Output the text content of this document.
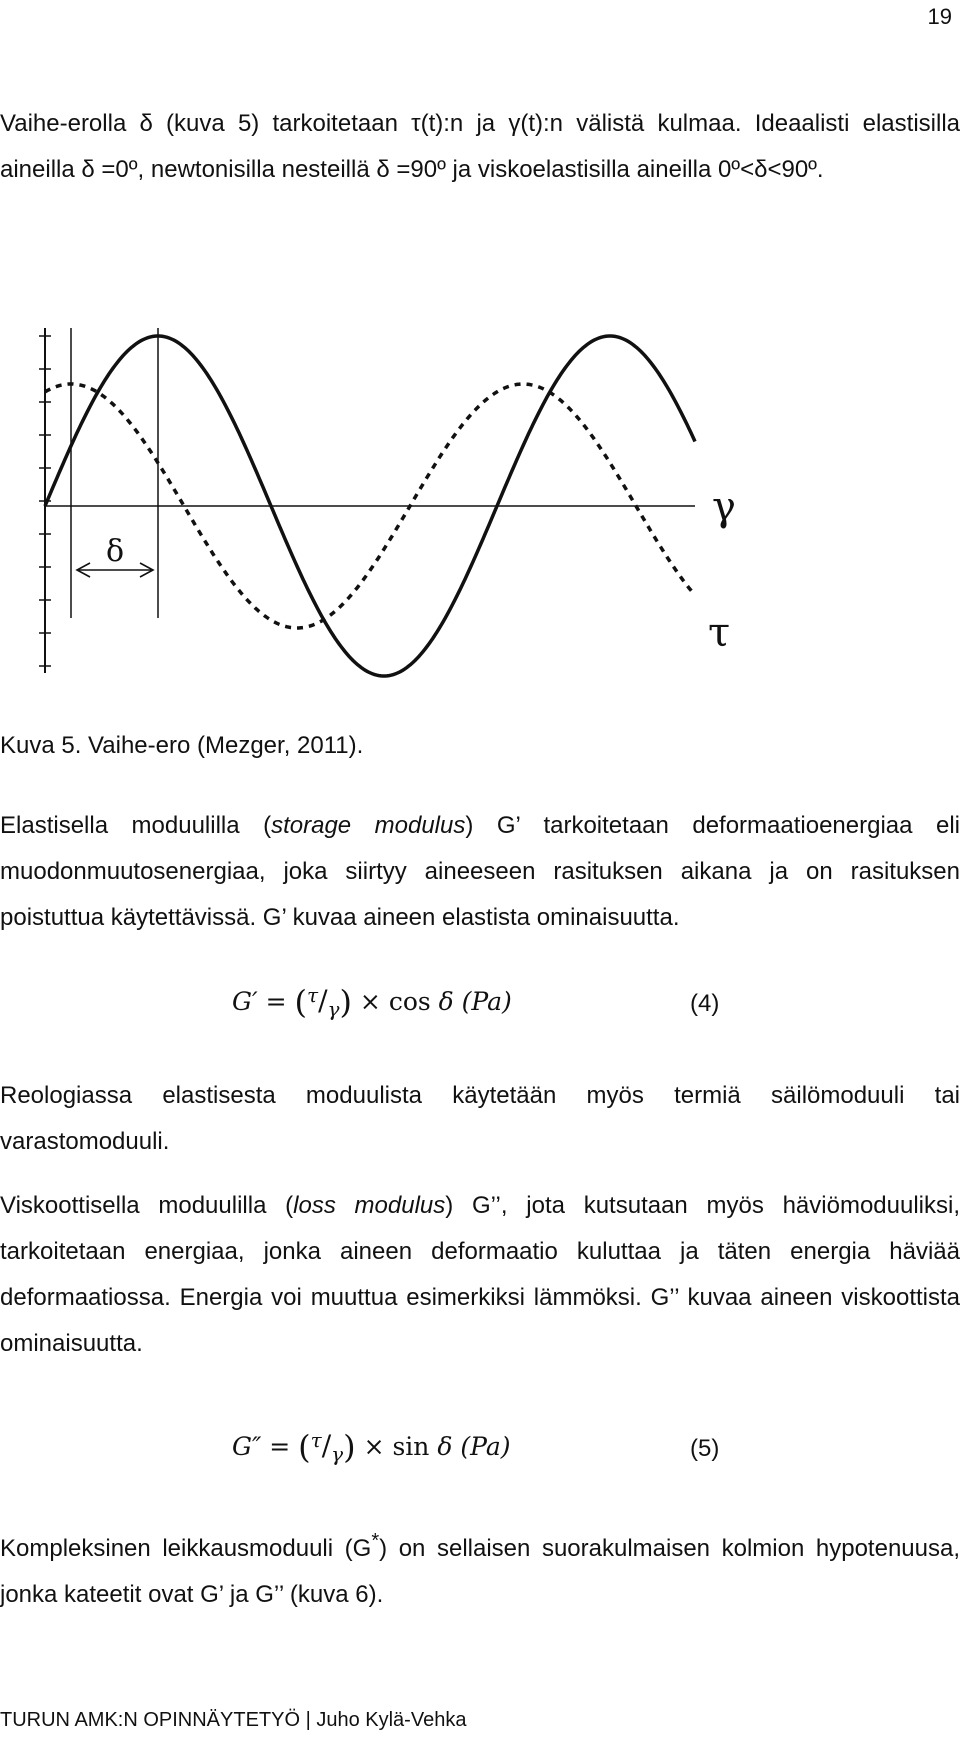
19

Vaihe-erolla δ (kuva 5) tarkoitetaan τ(t):n ja γ(t):n välistä kulmaa. Ideaalisti elastisilla aineilla δ =0º, newtonisilla nesteillä δ =90º ja viskoelastisilla aineilla 0º<δ<90º.

δ
γ
τ

Kuva 5. Vaihe-ero (Mezger, 2011).

Elastisella moduulilla (storage modulus) G’ tarkoitetaan deformaatioenergiaa eli muodonmuutosenergiaa, joka siirtyy aineeseen rasituksen aikana ja on rasituksen poistuttua käytettävissä. G’ kuvaa aineen elastista ominaisuutta.

$G' = (^\tau/_\gamma) \times \cos \delta$ (Pa)	(4)

Reologiassa elastisesta moduulista käytetään myös termiä säilömoduuli tai varastomoduuli.

Viskoottisella moduulilla (loss modulus) G’’, jota kutsutaan myös häviömoduuliksi, tarkoitetaan energiaa, jonka aineen deformaatio kuluttaa ja täten energia häviää deformaatiossa. Energia voi muuttua esimerkiksi lämmöksi. G’’ kuvaa aineen viskoottista ominaisuutta.

$G'' = (^\tau/_\gamma) \times \sin \delta$ (Pa)	(5)

Kompleksinen leikkausmoduuli (G*) on sellaisen suorakulmaisen kolmion hypotenuusa, jonka kateetit ovat G’ ja G’’ (kuva 6).

TURUN AMK:N OPINNÄYTETYÖ | Juho Kylä-Vehka
